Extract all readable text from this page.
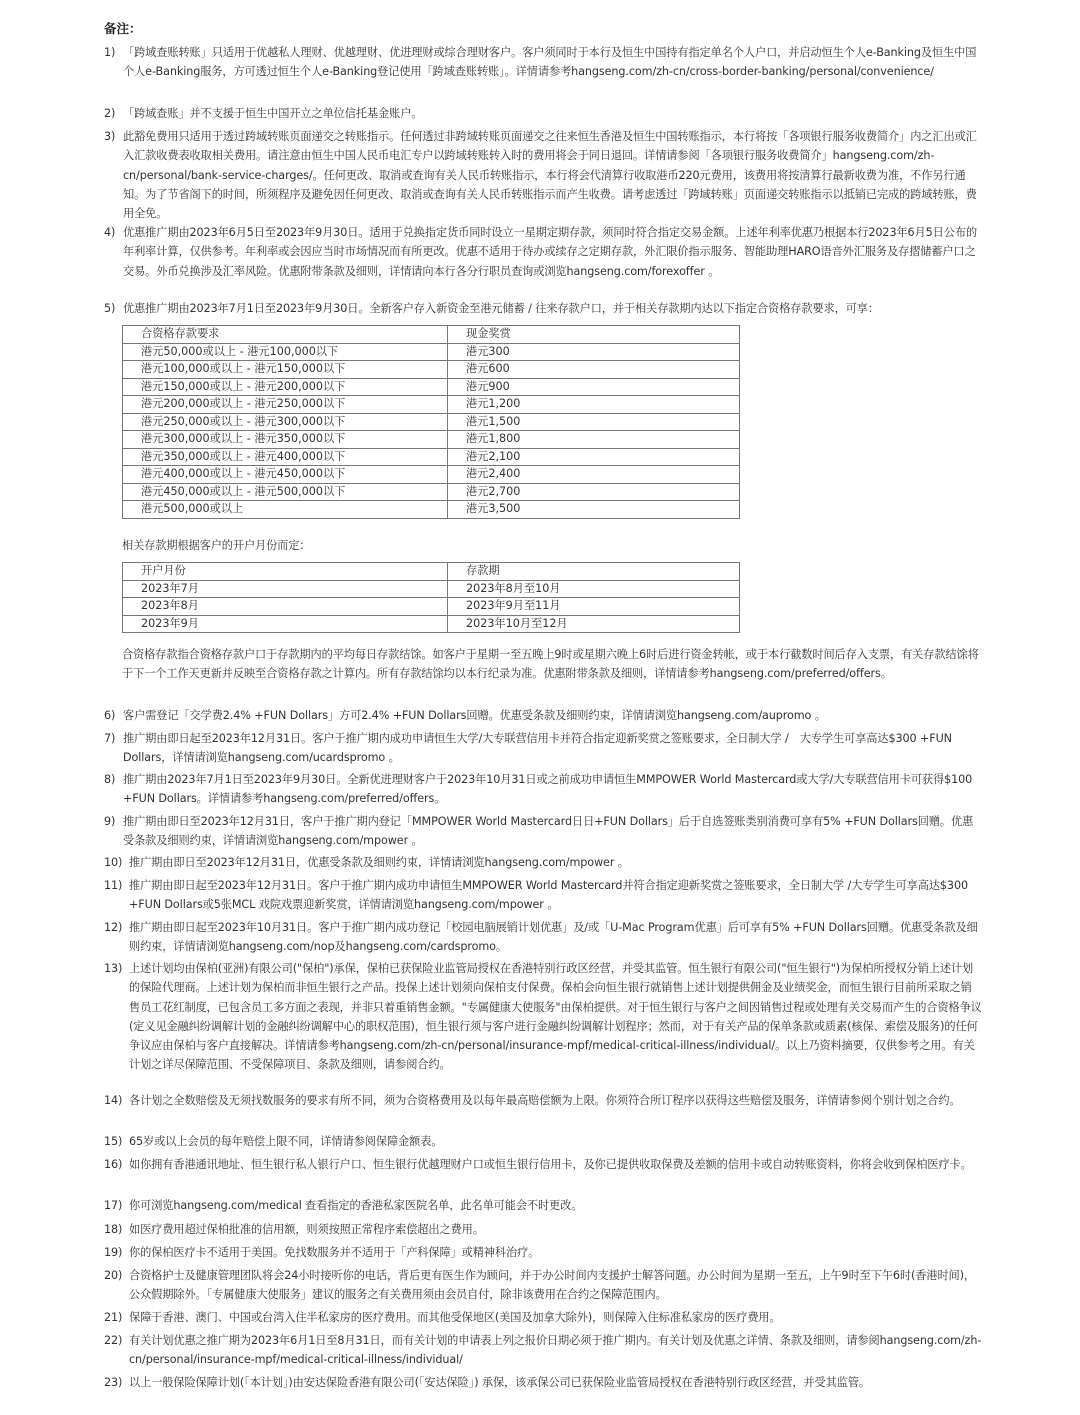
备注：
1) 「跨域查账转账」只适用于优越私人理财、优越理财、优进理财或综合理财客户。客户须同时于本行及恒生中国持有指定单名个人户口，并启动恒生个人e-Banking及恒生中国个人e-Banking服务，方可透过恒生个人e-Banking登记使用「跨域查账转账」。详情请参考hangseng.com/zh-cn/cross-border-banking/personal/convenience/
2) 「跨域查账」并不支援于恒生中国开立之单位信托基金账户。
3) 此豁免费用只适用于透过跨域转账页面递交之转账指示。任何透过非跨域转账页面递交之往来恒生香港及恒生中国转账指示，本行将按「各项银行服务收费简介」内之汇出或汇入汇款收费表收取相关费用。请注意由恒生中国人民币电汇专户以跨域转账转入时的费用将会于同日退回。详情请参阅「各项银行服务收费简介」hangseng.com/zh-cn/personal/bank-service-charges/。任何更改、取消或查询有关人民币转账指示，本行将会代清算行收取港币220元费用，该费用将按清算行最新收费为准，不作另行通知。为了节省阁下的时间，所须程序及避免因任何更改、取消或查询有关人民币转账指示而产生收费。请考虑透过「跨域转账」页面递交转账指示以抵销已完成的跨域转账，费用全免。
4) 优惠推广期由2023年6月5日至2023年9月30日。适用于兑换指定货币同时设立一星期定期存款，须同时符合指定交易金额。上述年利率优惠乃根据本行2023年6月5日公布的年利率计算，仅供参考。年利率或会因应当时市场情况而有所更改。优惠不适用于待办或续存之定期存款，外汇限价指示服务、智能助理HARO语音外汇服务及存摺储蓄户口之交易。外币兑换涉及汇率风险。优惠附带条款及细则，详情请向本行各分行职员查询或浏览hangseng.com/forexoffer 。
5) 优惠推广期由2023年7月1日至2023年9月30日。全新客户存入新资金至港元储蓄 / 往来存款户口，并于相关存款期内达以下指定合资格存款要求，可享：
合资格存款要求	现金奖赏
港元50,000或以上 - 港元100,000以下	港元300
港元100,000或以上 - 港元150,000以下	港元600
港元150,000或以上 - 港元200,000以下	港元900
港元200,000或以上 - 港元250,000以下	港元1,200
港元250,000或以上 - 港元300,000以下	港元1,500
港元300,000或以上 - 港元350,000以下	港元1,800
港元350,000或以上 - 港元400,000以下	港元2,100
港元400,000或以上 - 港元450,000以下	港元2,400
港元450,000或以上 - 港元500,000以下	港元2,700
港元500,000或以上	港元3,500
相关存款期根据客户的开户月份而定：
开户月份	存款期
2023年7月	2023年8月至10月
2023年8月	2023年9月至11月
2023年9月	2023年10月至12月
合资格存款指合资格存款户口于存款期内的平均每日存款结馀。如客户于星期一至五晚上9时或星期六晚上6时后进行资金转帐，或于本行截数时间后存入支票，有关存款结馀将于下一个工作天更新并反映至合资格存款之计算内。所有存款结馀均以本行纪录为准。优惠附带条款及细则，详情请参考hangseng.com/preferred/offers。
6) 客户需登记「交学费2.4% +FUN Dollars」方可2.4% +FUN Dollars回赠。优惠受条款及细则约束，详情请浏览hangseng.com/aupromo 。
7) 推广期由即日起至2023年12月31日。客户于推广期内成功申请恒生大学/大专联营信用卡并符合指定迎新奖赏之签账要求，全日制大学 /　大专学生可享高达$300 +FUN Dollars，详情请浏览hangseng.com/ucardspromo 。
8) 推广期由2023年7月1日至2023年9月30日。全新优进理财客户于2023年10月31日或之前成功申请恒生MMPOWER World Mastercard或大学/大专联营信用卡可获得$100 +FUN Dollars。详情请参考hangseng.com/preferred/offers。
9) 推广期由即日至2023年12月31日，客户于推广期内登记「MMPOWER World Mastercard日日+FUN Dollars」后于自选签账类别消费可享有5% +FUN Dollars回赠。优惠受条款及细则约束，详情请浏览hangseng.com/mpower 。
10) 推广期由即日至2023年12月31日，优惠受条款及细则约束，详情请浏览hangseng.com/mpower 。
11) 推广期由即日起至2023年12月31日。客户于推广期内成功申请恒生MMPOWER World Mastercard并符合指定迎新奖赏之签账要求，全日制大学 /大专学生可享高达$300 +FUN Dollars或5张MCL 戏院戏票迎新奖赏，详情请浏览hangseng.com/mpower 。
12) 推广期由即日起至2023年10月31日。客户于推广期内成功登记「校园电脑展销计划优惠」及/或「U-Mac Program优惠」后可享有5% +FUN Dollars回赠。优惠受条款及细则约束，详情请浏览hangseng.com/nop及hangseng.com/cardspromo。
13) 上述计划均由保柏(亚洲)有限公司("保柏")承保，保柏已获保险业监管局授权在香港特别行政区经营，并受其监管。恒生银行有限公司("恒生银行")为保柏所授权分销上述计划的保险代理商。上述计划为保柏而非恒生银行之产品。投保上述计划须向保柏支付保费。保柏会向恒生银行就销售上述计划提供佣金及业绩奖金，而恒生银行目前所采取之销售员工花红制度，已包含员工多方面之表现，并非只着重销售金额。"专属健康大使服务"由保柏提供。对于恒生银行与客户之间因销售过程或处理有关交易而产生的合资格争议(定义见金融纠纷调解计划的金融纠纷调解中心的职权范围)，恒生银行须与客户进行金融纠纷调解计划程序；然而，对于有关产品的保单条款或质素(核保、索偿及服务)的任何争议应由保柏与客户直接解决。详情请参考hangseng.com/zh-cn/personal/insurance-mpf/medical-critical-illness/individual/。以上乃资料摘要，仅供参考之用。有关计划之详尽保障范围、不受保障项目、条款及细则，请参阅合约。
14) 各计划之全数赔偿及无须找数服务的要求有所不同，须为合资格费用及以每年最高赔偿额为上限。你须符合所订程序以获得这些赔偿及服务，详情请参阅个别计划之合约。
15) 65岁或以上会员的每年赔偿上限不同，详情请参阅保障金额表。
16) 如你拥有香港通讯地址、恒生银行私人银行户口、恒生银行优越理财户口或恒生银行信用卡，及你已提供收取保费及差额的信用卡或自动转账资料，你将会收到保柏医疗卡。
17) 你可浏览hangseng.com/medical 查看指定的香港私家医院名单，此名单可能会不时更改。
18) 如医疗费用超过保柏批准的信用额，则须按照正常程序索偿超出之费用。
19) 你的保柏医疗卡不适用于美国。免找数服务并不适用于「产科保障」或精神科治疗。
20) 合资格护士及健康管理团队将会24小时接听你的电话，背后更有医生作为顾问，并于办公时间内支援护士解答问题。办公时间为星期一至五，上午9时至下午6时(香港时间)，公众假期除外。「专属健康大使服务」建议的服务之有关费用须由会员自付，除非该费用在合约之保障范围内。
21) 保障于香港、澳门、中国或台湾入住半私家房的医疗费用。而其他受保地区(美国及加拿大除外)，则保障入住标准私家房的医疗费用。
22) 有关计划优惠之推广期为2023年6月1日至8月31日，而有关计划的申请表上列之报价日期必须于推广期内。有关计划及优惠之详情、条款及细则，请参阅hangseng.com/zh-cn/personal/insurance-mpf/medical-critical-illness/individual/
23) 以上一般保险保障计划(「本计划」)由安达保险香港有限公司(「安达保险」) 承保，该承保公司已获保险业监管局授权在香港特别行政区经营，并受其监管。
